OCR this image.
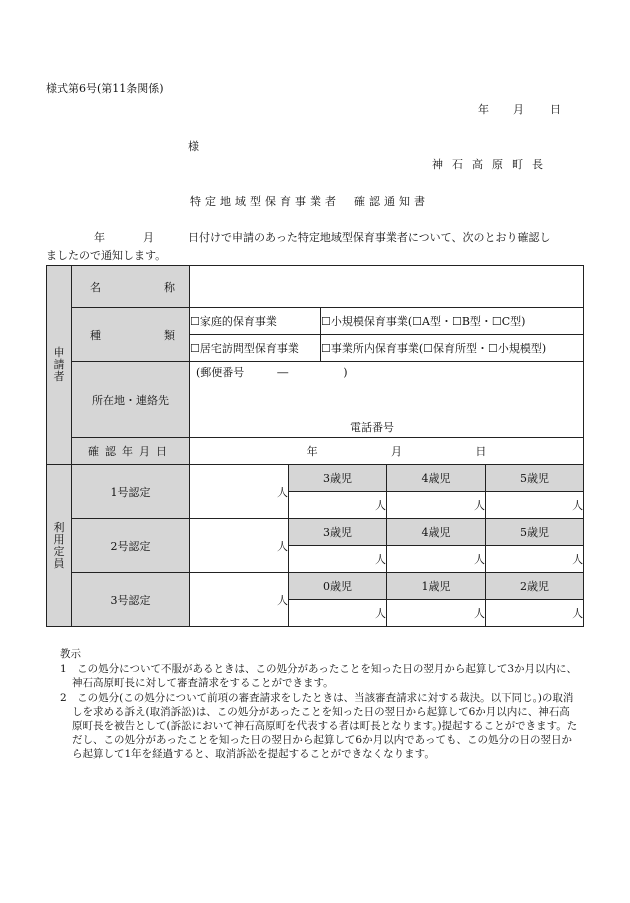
様式第6号(第11条関係)
年 月 日
様
神石高原町長
特定地域型保育事業者 確認通知書
年	月	日付けで申請のあった特定地域型保育事業者について、次のとおり確認し
ましたので通知します。
申
請
者	名 称					

	種 類	☐家庭的保育事業		☐小規模保育事業(☐A型・☐B型・☐C型)		
		☐居宅訪問型保育事業		☐事業所内保育事業(☐保育所型・☐小規模型)		
	所在地・連絡先	(郵便番号　　　―　　　　　)
電話番号				

	確認年月日	年 月 日				

利
用
定
員	1号認定	人	3歳児		4歳児	5歳児
			人		人	人
	2号認定	人	3歳児		4歳児	5歳児
			人		人	人
	3号認定	人	0歳児		1歳児	2歳児
			人		人	人

教示

1　この処分について不服があるときは、この処分があったことを知った日の翌月から起算して3か月以内に、神石高原町長に対して審査請求をすることができます。

2　この処分(この処分について前項の審査請求をしたときは、当該審査請求に対する裁決。以下同じ。)の取消しを求める訴え(取消訴訟)は、この処分があったことを知った日の翌日から起算して6か月以内に、神石高原町長を被告として(訴訟において神石高原町を代表する者は町長となります。)提起することができます。ただし、この処分があったことを知った日の翌日から起算して6か月以内であっても、この処分の日の翌日から起算して1年を経過すると、取消訴訟を提起することができなくなります。
